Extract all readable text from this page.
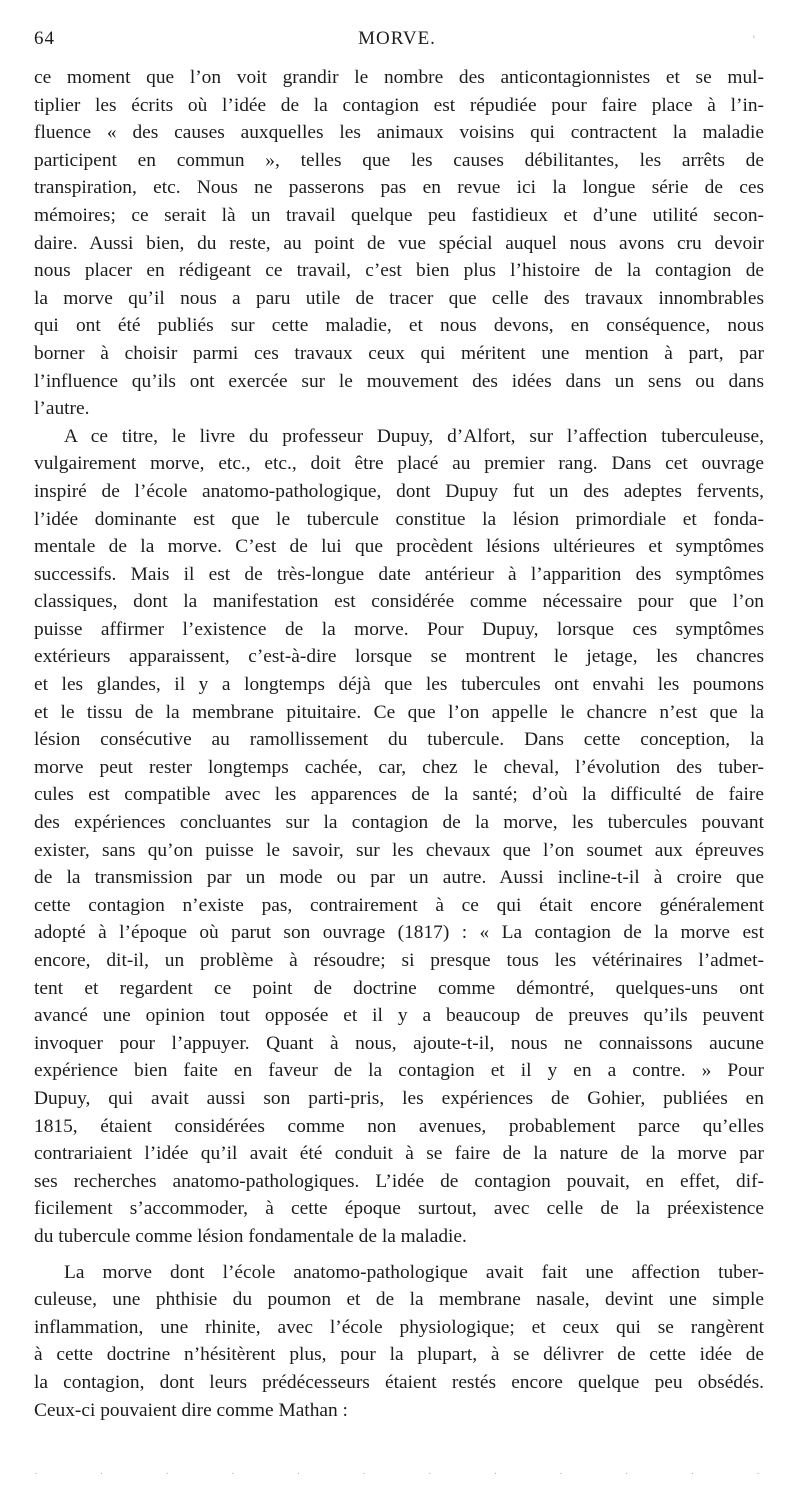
64	MORVE.	'
ce moment que l’on voit grandir le nombre des anticontagionnistes et se mul-
tiplier les écrits où l’idée de la contagion est répudiée pour faire place à l’in-
fluence « des causes auxquelles les animaux voisins qui contractent la maladie
participent en commun », telles que les causes débilitantes, les arrêts de
transpiration, etc. Nous ne passerons pas en revue ici la longue série de ces
mémoires; ce serait là un travail quelque peu fastidieux et d’une utilité secon-
daire. Aussi bien, du reste, au point de vue spécial auquel nous avons cru devoir
nous placer en rédigeant ce travail, c’est bien plus l’histoire de la contagion de
la morve qu’il nous a paru utile de tracer que celle des travaux innombrables
qui ont été publiés sur cette maladie, et nous devons, en conséquence, nous
borner à choisir parmi ces travaux ceux qui méritent une mention à part, par
l’influence qu’ils ont exercée sur le mouvement des idées dans un sens ou dans
l’autre.
A ce titre, le livre du professeur Dupuy, d’Alfort, sur l’affection tuberculeuse,
vulgairement morve, etc., etc., doit être placé au premier rang. Dans cet ouvrage
inspiré de l’école anatomo-pathologique, dont Dupuy fut un des adeptes fervents,
l’idée dominante est que le tubercule constitue la lésion primordiale et fonda-
mentale de la morve. C’est de lui que procèdent lésions ultérieures et symptômes
successifs. Mais il est de très-longue date antérieur à l’apparition des symptômes
classiques, dont la manifestation est considérée comme nécessaire pour que l’on
puisse affirmer l’existence de la morve. Pour Dupuy, lorsque ces symptômes
extérieurs apparaissent, c’est-à-dire lorsque se montrent le jetage, les chancres
et les glandes, il y a longtemps déjà que les tubercules ont envahi les poumons
et le tissu de la membrane pituitaire. Ce que l’on appelle le chancre n’est que la
lésion consécutive au ramollissement du tubercule. Dans cette conception, la
morve peut rester longtemps cachée, car, chez le cheval, l’évolution des tuber-
cules est compatible avec les apparences de la santé; d’où la difficulté de faire
des expériences concluantes sur la contagion de la morve, les tubercules pouvant
exister, sans qu’on puisse le savoir, sur les chevaux que l’on soumet aux épreuves
de la transmission par un mode ou par un autre. Aussi incline-t-il à croire que
cette contagion n’existe pas, contrairement à ce qui était encore généralement
adopté à l’époque où parut son ouvrage (1817) : « La contagion de la morve est
encore, dit-il, un problème à résoudre; si presque tous les vétérinaires l’admet-
tent et regardent ce point de doctrine comme démontré, quelques-uns ont
avancé une opinion tout opposée et il y a beaucoup de preuves qu’ils peuvent
invoquer pour l’appuyer. Quant à nous, ajoute-t-il, nous ne connaissons aucune
expérience bien faite en faveur de la contagion et il y en a contre. » Pour
Dupuy, qui avait aussi son parti-pris, les expériences de Gohier, publiées en
1815, étaient considérées comme non avenues, probablement parce qu’elles
contrariaient l’idée qu’il avait été conduit à se faire de la nature de la morve par
ses recherches anatomo-pathologiques. L’idée de contagion pouvait, en effet, dif-
ficilement s’accommoder, à cette époque surtout, avec celle de la préexistence
du tubercule comme lésion fondamentale de la maladie.
La morve dont l’école anatomo-pathologique avait fait une affection tuber-
culeuse, une phthisie du poumon et de la membrane nasale, devint une simple
inflammation, une rhinite, avec l’école physiologique; et ceux qui se rangèrent
à cette doctrine n’hésitèrent plus, pour la plupart, à se délivrer de cette idée de
la contagion, dont leurs prédécesseurs étaient restés encore quelque peu obsédés.
Ceux-ci pouvaient dire comme Mathan :
·	·	·	·	·	·	·	·	·	·	·	·
